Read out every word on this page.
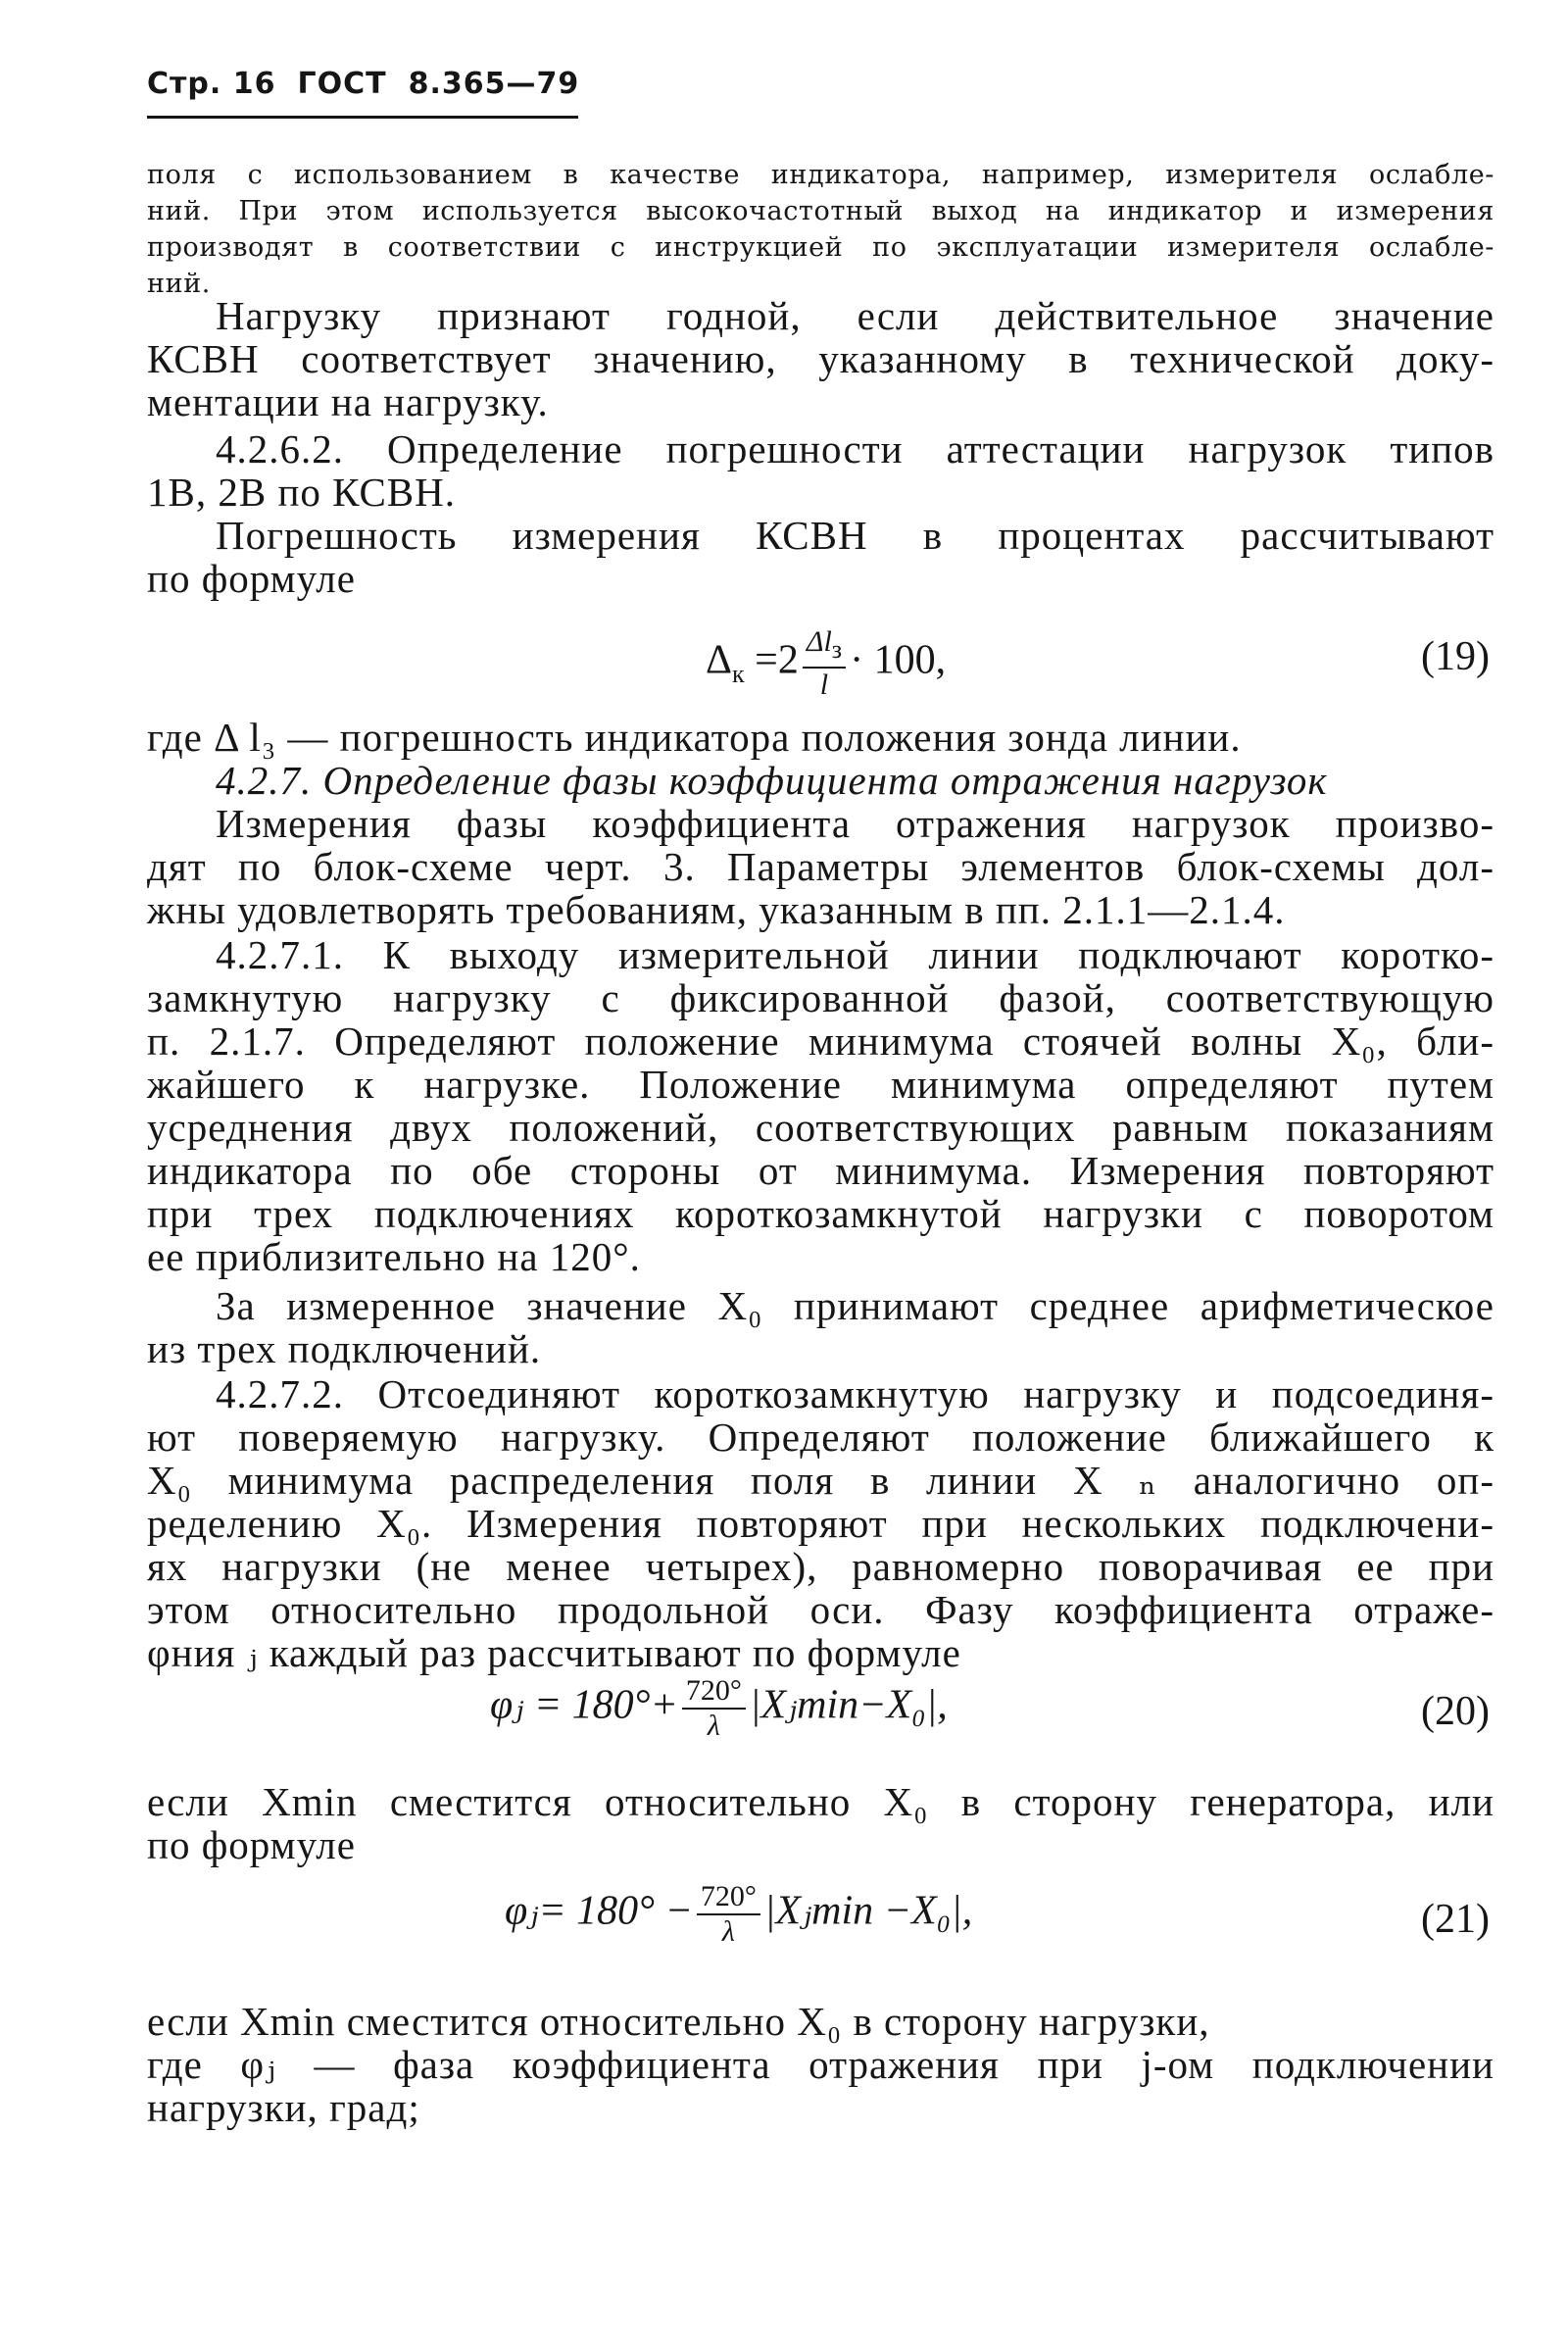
Стр. 16 ГОСТ 8.365—79
поля с использованием в качестве индикатора, например, измерителя ослабле-
ний. При этом используется высокочастотный выход на индикатор и измерения
производят в соответствии с инструкцией по эксплуатации измерителя ослабле-
ний.
Нагрузку признают годной, если действительное значение
КСВН соответствует значению, указанному в технической доку-
ментации на нагрузку.
4.2.6.2. Определение погрешности аттестации нагрузок типов
1В, 2В по КСВН.
Погрешность измерения КСВН в процентах рассчитывают
по формуле
$\Delta_к =2 \frac{\Delta l_з}{l} \cdot 100$,	(19)
где Δ l₃ — погрешность индикатора положения зонда линии.
4.2.7. Определение фазы коэффициента отражения нагрузок
Измерения фазы коэффициента отражения нагрузок произво-
дят по блок-схеме черт. 3. Параметры элементов блок-схемы дол-
жны удовлетворять требованиям, указанным в пп. 2.1.1—2.1.4.
4.2.7.1. К выходу измерительной линии подключают коротко-
замкнутую нагрузку с фиксированной фазой, соответствующую
п. 2.1.7. Определяют положение минимума стоячей волны X₀, бли-
жайшего к нагрузке. Положение минимума определяют путем
усреднения двух положений, соответствующих равным показаниям
индикатора по обе стороны от минимума. Измерения повторяют
при трех подключениях короткозамкнутой нагрузки с поворотом
ее приблизительно на 120°.
За измеренное значение X₀ принимают среднее арифметическое
из трех подключений.
4.2.7.2. Отсоединяют короткозамкнутую нагрузку и подсоединя-
ют поверяемую нагрузку. Определяют положение ближайшего к
X₀ минимума распределения поля в линии X ₙ аналогично оп-
ределению X₀. Измерения повторяют при нескольких подключени-
ях нагрузки (не менее четырех), равномерно поворачивая ее при
этом относительно продольной оси. Фазу коэффициента отраже-
φния ⱼ каждый раз рассчитывают по формуле
φⱼ = $180^\circ+ \frac{720^\circ}{\lambda}$ |Xⱼmin−X₀|,	(20)
если Xmin сместится относительно X₀ в сторону генератора, или
по формуле
φⱼ= $180^\circ - \frac{720^\circ}{\lambda}$ |Xⱼmin −X₀|,	(21)
если Xmin сместится относительно X₀ в сторону нагрузки,
где φⱼ — фаза коэффициента отражения при j-ом подключении
нагрузки, град;
